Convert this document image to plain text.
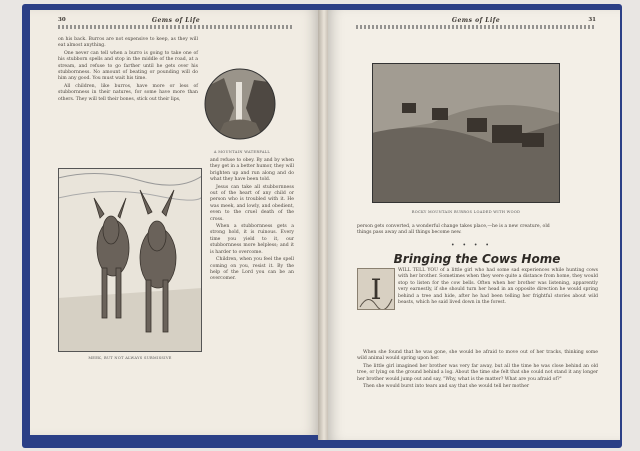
30	Gems of Life

on his back. Burros are not expensive to keep, as they will eat almost anything.

One never can tell when a burro is going to take one of his stubborn spells and stop in the middle of the road, at a stream, and refuse to go farther until he gets over his stubbornness. No amount of beating or pounding will do him any good. You must wait his time.

All children, like burros, have more or less of stubbornness in their natures, for some have more than others. They will tell their bones, stick out their lips,

A MOUNTAIN WATERFALL
MEEK, BUT NOT ALWAYS SUBMISSIVE

and refuse to obey. By and by when they get in a better humor, they will brighten up and run along and do what they have been told.

Jesus can take all stubbornness out of the heart of any child or person who is troubled with it. He was meek, and lowly, and obedient, even to the cruel death of the cross.

When a stubbornness gets a strong hold, it is ruinous. Every time you yield to it, our stubbornness more helpless; and it is harder to overcome.

Children, when you feel the spell coming on you, resist it. By the help of the Lord you can be an overcomer.

Gems of Life	31
ROCKY MOUNTAIN BURROS LOADED WITH WOOD
person gets converted, a wonderful change takes place,—he is a new creature, old
things pass away and all things become new.
• • • •
Bringing the Cows Home
I

WILL TELL YOU of a little girl who had some sad experiences while hunting cows with her brother. Sometimes when they were quite a distance from home, they would stop to listen for the cow bells. Often when her brother was listening, apparently very earnestly, if she should turn her head in an opposite direction he would spring behind a tree and hide, after he had been telling her frightful stories about wild beasts, which he said lived down in the forest.

When she found that he was gone, she would be afraid to move out of her tracks, thinking some wild animal would spring upon her.

The little girl imagined her brother was very far away, but all the time he was close behind an old tree, or lying on the ground behind a log. About the time she felt that she could not stand it any longer her brother would jump out and say, "Why, what is the matter? What are you afraid of?"

Then she would burst into tears and say that she would tell her mother
